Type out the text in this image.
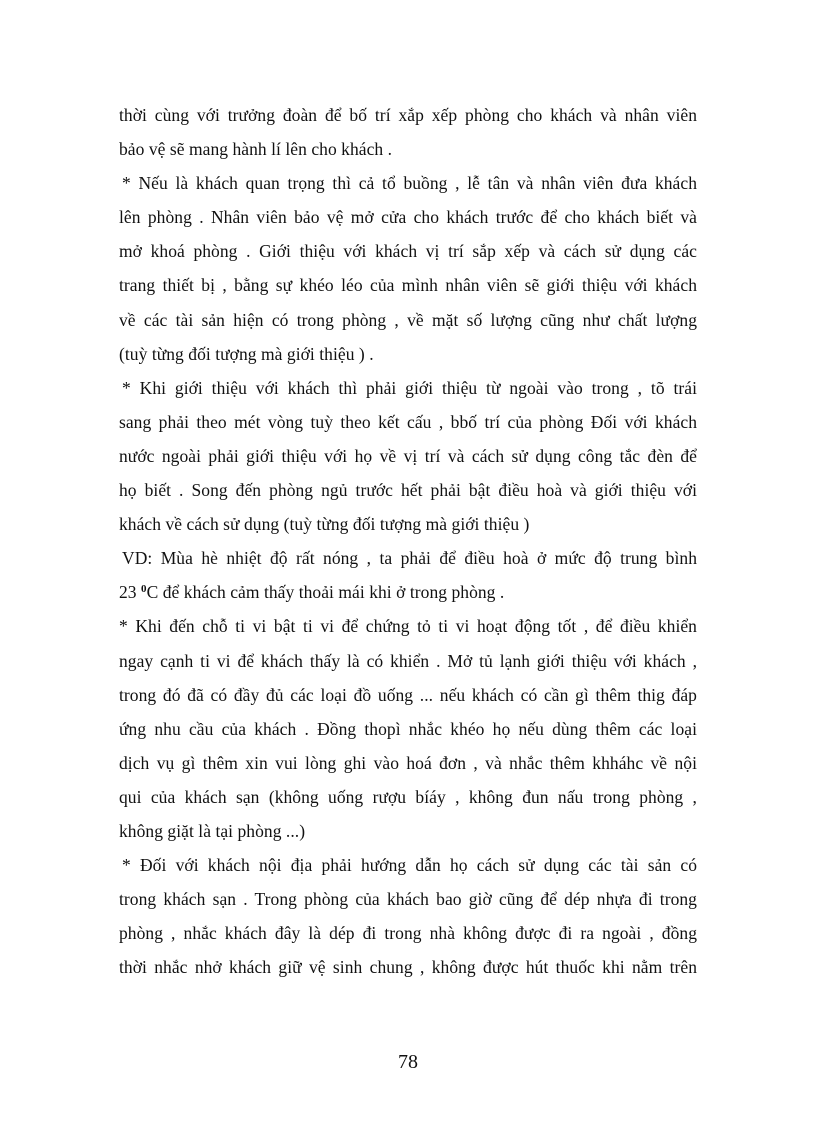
thời cùng với trưởng đoàn để bố trí xắp xếp phòng cho khách và nhân viên
bảo vệ sẽ mang hành lí lên cho khách .
* Nếu là khách quan trọng thì cả tổ buồng , lễ tân và nhân viên đưa khách
lên phòng . Nhân viên bảo vệ mở cửa cho khách trước để cho khách biết và
mở khoá phòng . Giới thiệu với khách vị trí sắp xếp và cách sử dụng các
trang thiết bị , bằng sự khéo léo của mình nhân viên sẽ giới thiệu với khách
về các tài sản hiện có trong phòng , về mặt số lượng cũng như chất lượng
(tuỳ từng đối tượng mà giới thiệu ) .
* Khi giới thiệu với khách thì phải giới thiệu từ ngoài vào trong , tõ trái
sang phải theo mét vòng tuỳ theo kết cấu , bbố trí của phòng Đối với khách
nước ngoài phải giới thiệu với họ về vị trí và cách sử dụng công tắc đèn để
họ biết . Song đến phòng ngủ trước hết phải bật điều hoà và giới thiệu với
khách về cách sử dụng (tuỳ từng đối tượng mà giới thiệu )
VD: Mùa hè nhiệt độ rất nóng , ta phải để điều hoà ở mức độ trung bình
23 $^0$C để khách cảm thấy thoải mái khi ở trong phòng .
* Khi đến chỗ ti vi bật ti vi để chứng tỏ ti vi hoạt động tốt , để điều khiển
ngay cạnh ti vi để khách thấy là có khiển . Mở tủ lạnh giới thiệu với khách ,
trong đó đã có đầy đủ các loại đồ uống ... nếu khách có cần gì thêm thig đáp
ứng nhu cầu của khách . Đồng thopì nhắc khéo họ nếu dùng thêm các loại
dịch vụ gì thêm xin vui lòng ghi vào hoá đơn , và nhắc thêm khháhc về nội
qui của khách sạn (không uống rượu bíáy , không đun nấu trong phòng ,
không giặt là tại phòng ...)
* Đối với khách nội địa phải hướng dẫn họ cách sử dụng các tài sản có
trong khách sạn . Trong phòng của khách bao giờ cũng để dép nhựa đi trong
phòng , nhắc khách đây là dép đi trong nhà không được đi ra ngoài , đồng
thời nhắc nhở khách giữ vệ sinh chung , không được hút thuốc khi nằm trên
78
